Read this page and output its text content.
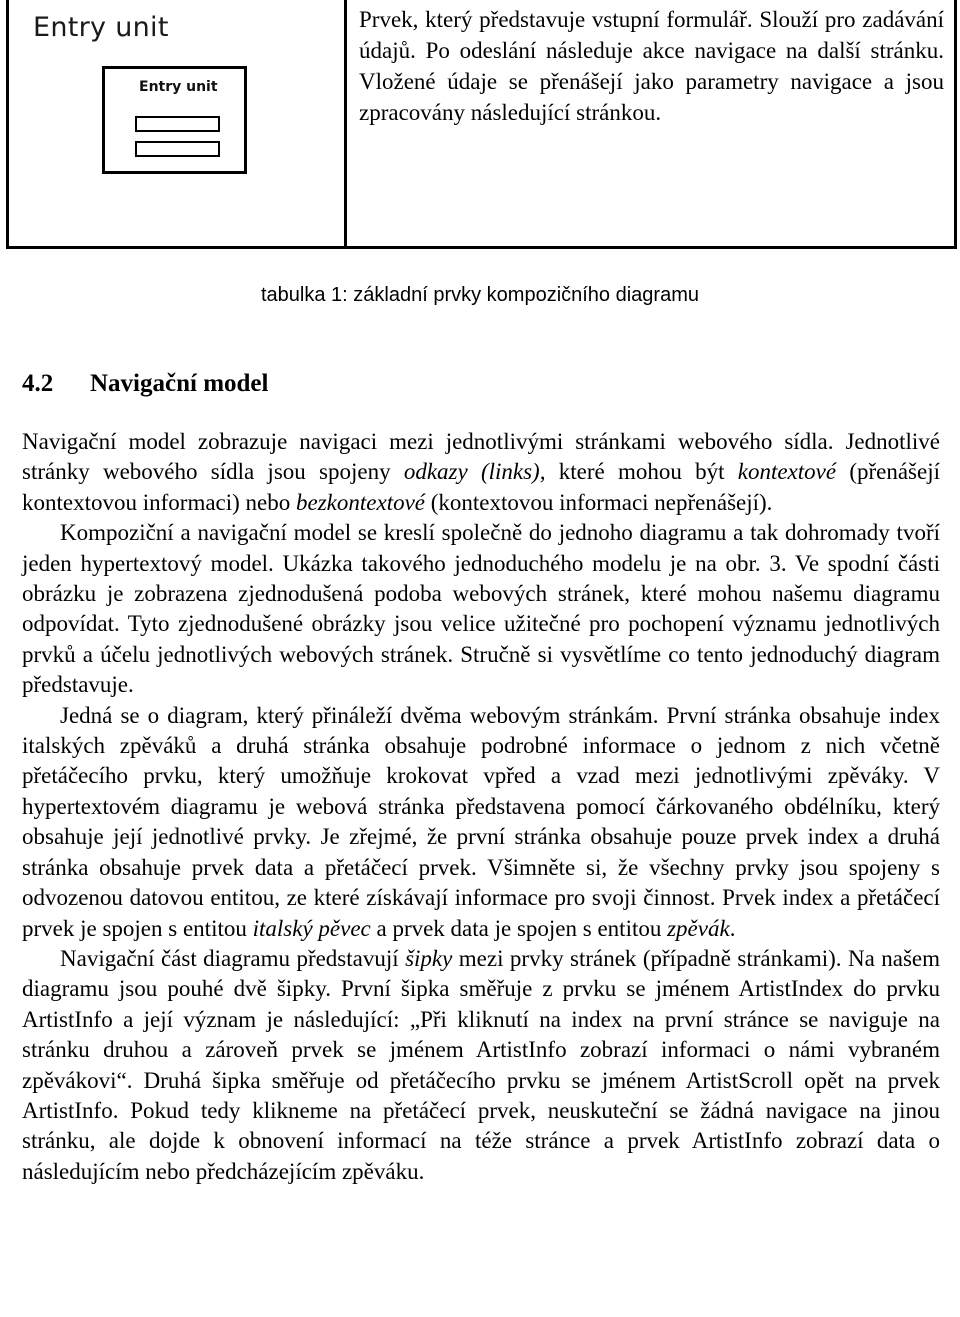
Entry unit
Entry unit

Prvek, který představuje vstupní formulář. Slouží pro zadávání údajů. Po odeslání následuje akce navigace na další stránku. Vložené údaje se přenášejí jako parametry navigace a jsou zpracovány následující stránkou.

tabulka 1: základní prvky kompozičního diagramu
4.2 Navigační model

Navigační model zobrazuje navigaci mezi jednotlivými stránkami webového sídla. Jednotlivé stránky webového sídla jsou spojeny odkazy (links), které mohou být kontextové (přenášejí kontextovou informaci) nebo bezkontextové (kontextovou informaci nepřenášejí).

Kompoziční a navigační model se kreslí společně do jednoho diagramu a tak dohromady tvoří jeden hypertextový model. Ukázka takového jednoduchého modelu je na obr. 3. Ve spodní části obrázku je zobrazena zjednodušená podoba webových stránek, které mohou našemu diagramu odpovídat. Tyto zjednodušené obrázky jsou velice užitečné pro pochopení významu jednotlivých prvků a účelu jednotlivých webových stránek. Stručně si vysvětlíme co tento jednoduchý diagram představuje.

Jedná se o diagram, který přináleží dvěma webovým stránkám. První stránka obsahuje index italských zpěváků a druhá stránka obsahuje podrobné informace o jednom z nich včetně přetáčecího prvku, který umožňuje krokovat vpřed a vzad mezi jednotlivými zpěváky. V hypertextovém diagramu je webová stránka představena pomocí čárkovaného obdélníku, který obsahuje její jednotlivé prvky. Je zřejmé, že první stránka obsahuje pouze prvek index a druhá stránka obsahuje prvek data a přetáčecí prvek. Všimněte si, že všechny prvky jsou spojeny s odvozenou datovou entitou, ze které získávají informace pro svoji činnost. Prvek index a přetáčecí prvek je spojen s entitou italský pěvec a prvek data je spojen s entitou zpěvák.

Navigační část diagramu představují šipky mezi prvky stránek (případně stránkami). Na našem diagramu jsou pouhé dvě šipky. První šipka směřuje z prvku se jménem ArtistIndex do prvku ArtistInfo a její význam je následující: „Při kliknutí na index na první stránce se naviguje na stránku druhou a zároveň prvek se jménem ArtistInfo zobrazí informaci o námi vybraném zpěvákovi“. Druhá šipka směřuje od přetáčecího prvku se jménem ArtistScroll opět na prvek ArtistInfo. Pokud tedy klikneme na přetáčecí prvek, neuskuteční se žádná navigace na jinou stránku, ale dojde k obnovení informací na téže stránce a prvek ArtistInfo zobrazí data o následujícím nebo předcházejícím zpěváku.
